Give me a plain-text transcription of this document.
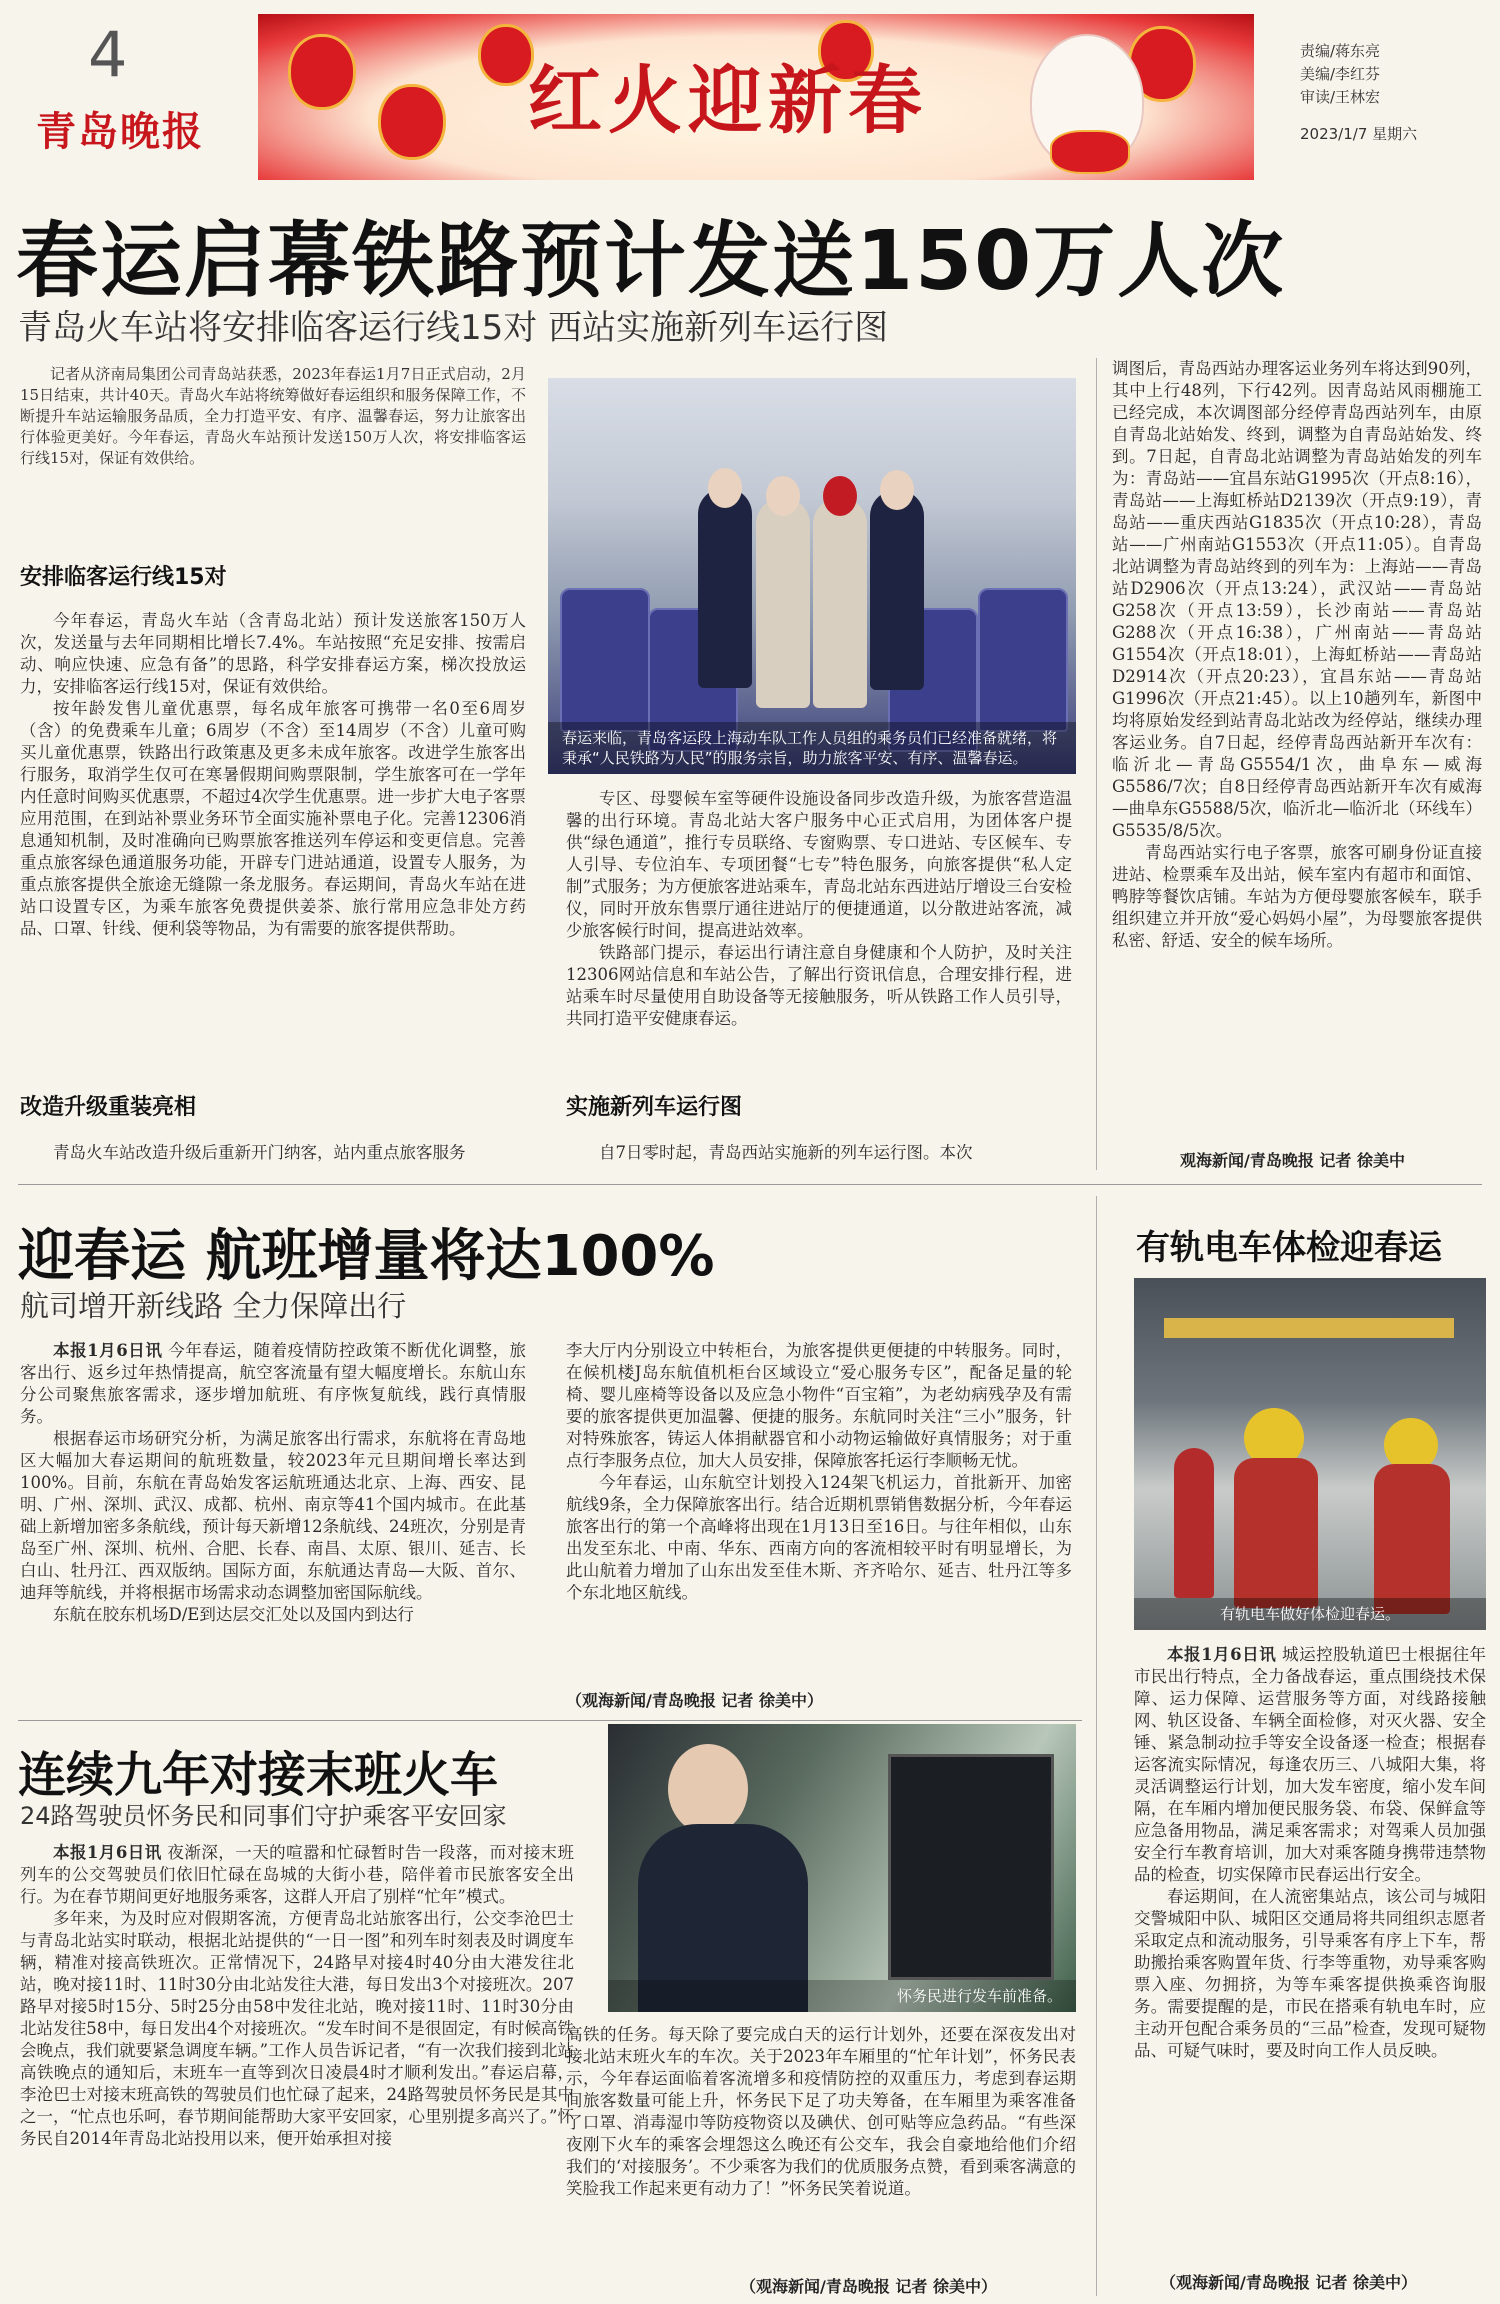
4
青岛晚报	红火迎新春
责编/蒋东亮
美编/李红芬
审读/王林宏
2023/1/7 星期六
春运启幕铁路预计发送150万人次
青岛火车站将安排临客运行线15对 西站实施新列车运行图

记者从济南局集团公司青岛站获悉，2023年春运1月7日正式启动，2月15日结束，共计40天。青岛火车站将统筹做好春运组织和服务保障工作，不断提升车站运输服务品质，全力打造平安、有序、温馨春运，努力让旅客出行体验更美好。今年春运，青岛火车站预计发送150万人次，将安排临客运行线15对，保证有效供给。

安排临客运行线15对

今年春运，青岛火车站（含青岛北站）预计发送旅客150万人次，发送量与去年同期相比增长7.4%。车站按照“充足安排、按需启动、响应快速、应急有备”的思路，科学安排春运方案，梯次投放运力，安排临客运行线15对，保证有效供给。

按年龄发售儿童优惠票，每名成年旅客可携带一名0至6周岁（含）的免费乘车儿童；6周岁（不含）至14周岁（不含）儿童可购买儿童优惠票，铁路出行政策惠及更多未成年旅客。改进学生旅客出行服务，取消学生仅可在寒暑假期间购票限制，学生旅客可在一学年内任意时间购买优惠票，不超过4次学生优惠票。进一步扩大电子客票应用范围，在到站补票业务环节全面实施补票电子化。完善12306消息通知机制，及时准确向已购票旅客推送列车停运和变更信息。完善重点旅客绿色通道服务功能，开辟专门进站通道，设置专人服务，为重点旅客提供全旅途无缝隙一条龙服务。春运期间，青岛火车站在进站口设置专区，为乘车旅客免费提供姜茶、旅行常用应急非处方药品、口罩、针线、便利袋等物品，为有需要的旅客提供帮助。

改造升级重装亮相

青岛火车站改造升级后重新开门纳客，站内重点旅客服务

春运来临，青岛客运段上海动车队工作人员组的乘务员们已经准备就绪，将秉承“人民铁路为人民”的服务宗旨，助力旅客平安、有序、温馨春运。

专区、母婴候车室等硬件设施设备同步改造升级，为旅客营造温馨的出行环境。青岛北站大客户服务中心正式启用，为团体客户提供“绿色通道”，推行专员联络、专窗购票、专口进站、专区候车、专人引导、专位泊车、专项团餐“七专”特色服务，向旅客提供“私人定制”式服务；为方便旅客进站乘车，青岛北站东西进站厅增设三台安检仪，同时开放东售票厅通往进站厅的便捷通道，以分散进站客流，减少旅客候行时间，提高进站效率。

铁路部门提示，春运出行请注意自身健康和个人防护，及时关注12306网站信息和车站公告，了解出行资讯信息，合理安排行程，进站乘车时尽量使用自助设备等无接触服务，听从铁路工作人员引导，共同打造平安健康春运。

实施新列车运行图

自7日零时起，青岛西站实施新的列车运行图。本次

调图后，青岛西站办理客运业务列车将达到90列，其中上行48列，下行42列。因青岛站风雨棚施工已经完成，本次调图部分经停青岛西站列车，由原自青岛北站始发、终到，调整为自青岛站始发、终到。7日起，自青岛北站调整为青岛站始发的列车为：青岛站——宜昌东站G1995次（开点8:16），青岛站——上海虹桥站D2139次（开点9:19），青岛站——重庆西站G1835次（开点10:28），青岛站——广州南站G1553次（开点11:05）。自青岛北站调整为青岛站终到的列车为：上海站——青岛站D2906次（开点13:24），武汉站——青岛站G258次（开点13:59），长沙南站——青岛站G288次（开点16:38），广州南站——青岛站G1554次（开点18:01），上海虹桥站——青岛站D2914次（开点20:23），宜昌东站——青岛站G1996次（开点21:45）。以上10趟列车，新图中均将原始发经到站青岛北站改为经停站，继续办理客运业务。自7日起，经停青岛西站新开车次有：临沂北—青岛G5554/1次，曲阜东—威海G5586/7次；自8日经停青岛西站新开车次有威海—曲阜东G5588/5次，临沂北—临沂北（环线车）G5535/8/5次。

青岛西站实行电子客票，旅客可刷身份证直接进站、检票乘车及出站，候车室内有超市和面馆、鸭脖等餐饮店铺。车站为方便母婴旅客候车，联手组织建立并开放“爱心妈妈小屋”，为母婴旅客提供私密、舒适、安全的候车场所。

观海新闻/青岛晚报 记者 徐美中
迎春运 航班增量将达100%
航司增开新线路 全力保障出行

本报1月6日讯 今年春运，随着疫情防控政策不断优化调整，旅客出行、返乡过年热情提高，航空客流量有望大幅度增长。东航山东分公司聚焦旅客需求，逐步增加航班、有序恢复航线，践行真情服务。

根据春运市场研究分析，为满足旅客出行需求，东航将在青岛地区大幅加大春运期间的航班数量，较2023年元旦期间增长率达到100%。目前，东航在青岛始发客运航班通达北京、上海、西安、昆明、广州、深圳、武汉、成都、杭州、南京等41个国内城市。在此基础上新增加密多条航线，预计每天新增12条航线、24班次，分别是青岛至广州、深圳、杭州、合肥、长春、南昌、太原、银川、延吉、长白山、牡丹江、西双版纳。国际方面，东航通达青岛—大阪、首尔、迪拜等航线，并将根据市场需求动态调整加密国际航线。

东航在胶东机场D/E到达层交汇处以及国内到达行

李大厅内分别设立中转柜台，为旅客提供更便捷的中转服务。同时，在候机楼J岛东航值机柜台区域设立“爱心服务专区”，配备足量的轮椅、婴儿座椅等设备以及应急小物件“百宝箱”，为老幼病残孕及有需要的旅客提供更加温馨、便捷的服务。东航同时关注“三小”服务，针对特殊旅客，铸运人体捐献器官和小动物运输做好真情服务；对于重点行李服务点位，加大人员安排，保障旅客托运行李顺畅无忧。

今年春运，山东航空计划投入124架飞机运力，首批新开、加密航线9条，全力保障旅客出行。结合近期机票销售数据分析，今年春运旅客出行的第一个高峰将出现在1月13日至16日。与往年相似，山东出发至东北、中南、华东、西南方向的客流相较平时有明显增长，为此山航着力增加了山东出发至佳木斯、齐齐哈尔、延吉、牡丹江等多个东北地区航线。

（观海新闻/青岛晚报 记者 徐美中）
有轨电车体检迎春运
有轨电车做好体检迎春运。

本报1月6日讯 城运控股轨道巴士根据往年市民出行特点，全力备战春运，重点围绕技术保障、运力保障、运营服务等方面，对线路接触网、轨区设备、车辆全面检修，对灭火器、安全锤、紧急制动拉手等安全设备逐一检查；根据春运客流实际情况，每逢农历三、八城阳大集，将灵活调整运行计划，加大发车密度，缩小发车间隔，在车厢内增加便民服务袋、布袋、保鲜盒等应急备用物品，满足乘客需求；对驾乘人员加强安全行车教育培训，加大对乘客随身携带违禁物品的检查，切实保障市民春运出行安全。

春运期间，在人流密集站点，该公司与城阳交警城阳中队、城阳区交通局将共同组织志愿者采取定点和流动服务，引导乘客有序上下车，帮助搬抬乘客购置年货、行李等重物，劝导乘客购票入座、勿拥挤，为等车乘客提供换乘咨询服务。需要提醒的是，市民在搭乘有轨电车时，应主动开包配合乘务员的“三品”检查，发现可疑物品、可疑气味时，要及时向工作人员反映。

（观海新闻/青岛晚报 记者 徐美中）
连续九年对接末班火车
24路驾驶员怀务民和同事们守护乘客平安回家
怀务民进行发车前准备。

本报1月6日讯 夜渐深，一天的喧嚣和忙碌暂时告一段落，而对接末班列车的公交驾驶员们依旧忙碌在岛城的大街小巷，陪伴着市民旅客安全出行。为在春节期间更好地服务乘客，这群人开启了别样“忙年”模式。

多年来，为及时应对假期客流，方便青岛北站旅客出行，公交李沧巴士与青岛北站实时联动，根据北站提供的“一日一图”和列车时刻表及时调度车辆，精准对接高铁班次。正常情况下，24路早对接4时40分由大港发往北站，晚对接11时、11时30分由北站发往大港，每日发出3个对接班次。207路早对接5时15分、5时25分由58中发往北站，晚对接11时、11时30分由北站发往58中，每日发出4个对接班次。“发车时间不是很固定，有时候高铁会晚点，我们就要紧急调度车辆。”工作人员告诉记者，“有一次我们接到北站高铁晚点的通知后，末班车一直等到次日凌晨4时才顺利发出。”春运启幕，李沧巴士对接末班高铁的驾驶员们也忙碌了起来，24路驾驶员怀务民是其中之一，“忙点也乐呵，春节期间能帮助大家平安回家，心里别提多高兴了。”怀务民自2014年青岛北站投用以来，便开始承担对接

高铁的任务。每天除了要完成白天的运行计划外，还要在深夜发出对接北站末班火车的车次。关于2023年车厢里的“忙年计划”，怀务民表示，今年春运面临着客流增多和疫情防控的双重压力，考虑到春运期间旅客数量可能上升，怀务民下足了功夫筹备，在车厢里为乘客准备了口罩、消毒湿巾等防疫物资以及碘伏、创可贴等应急药品。“有些深夜刚下火车的乘客会埋怨这么晚还有公交车，我会自豪地给他们介绍我们的‘对接服务’。不少乘客为我们的优质服务点赞，看到乘客满意的笑脸我工作起来更有动力了！”怀务民笑着说道。

（观海新闻/青岛晚报 记者 徐美中）
